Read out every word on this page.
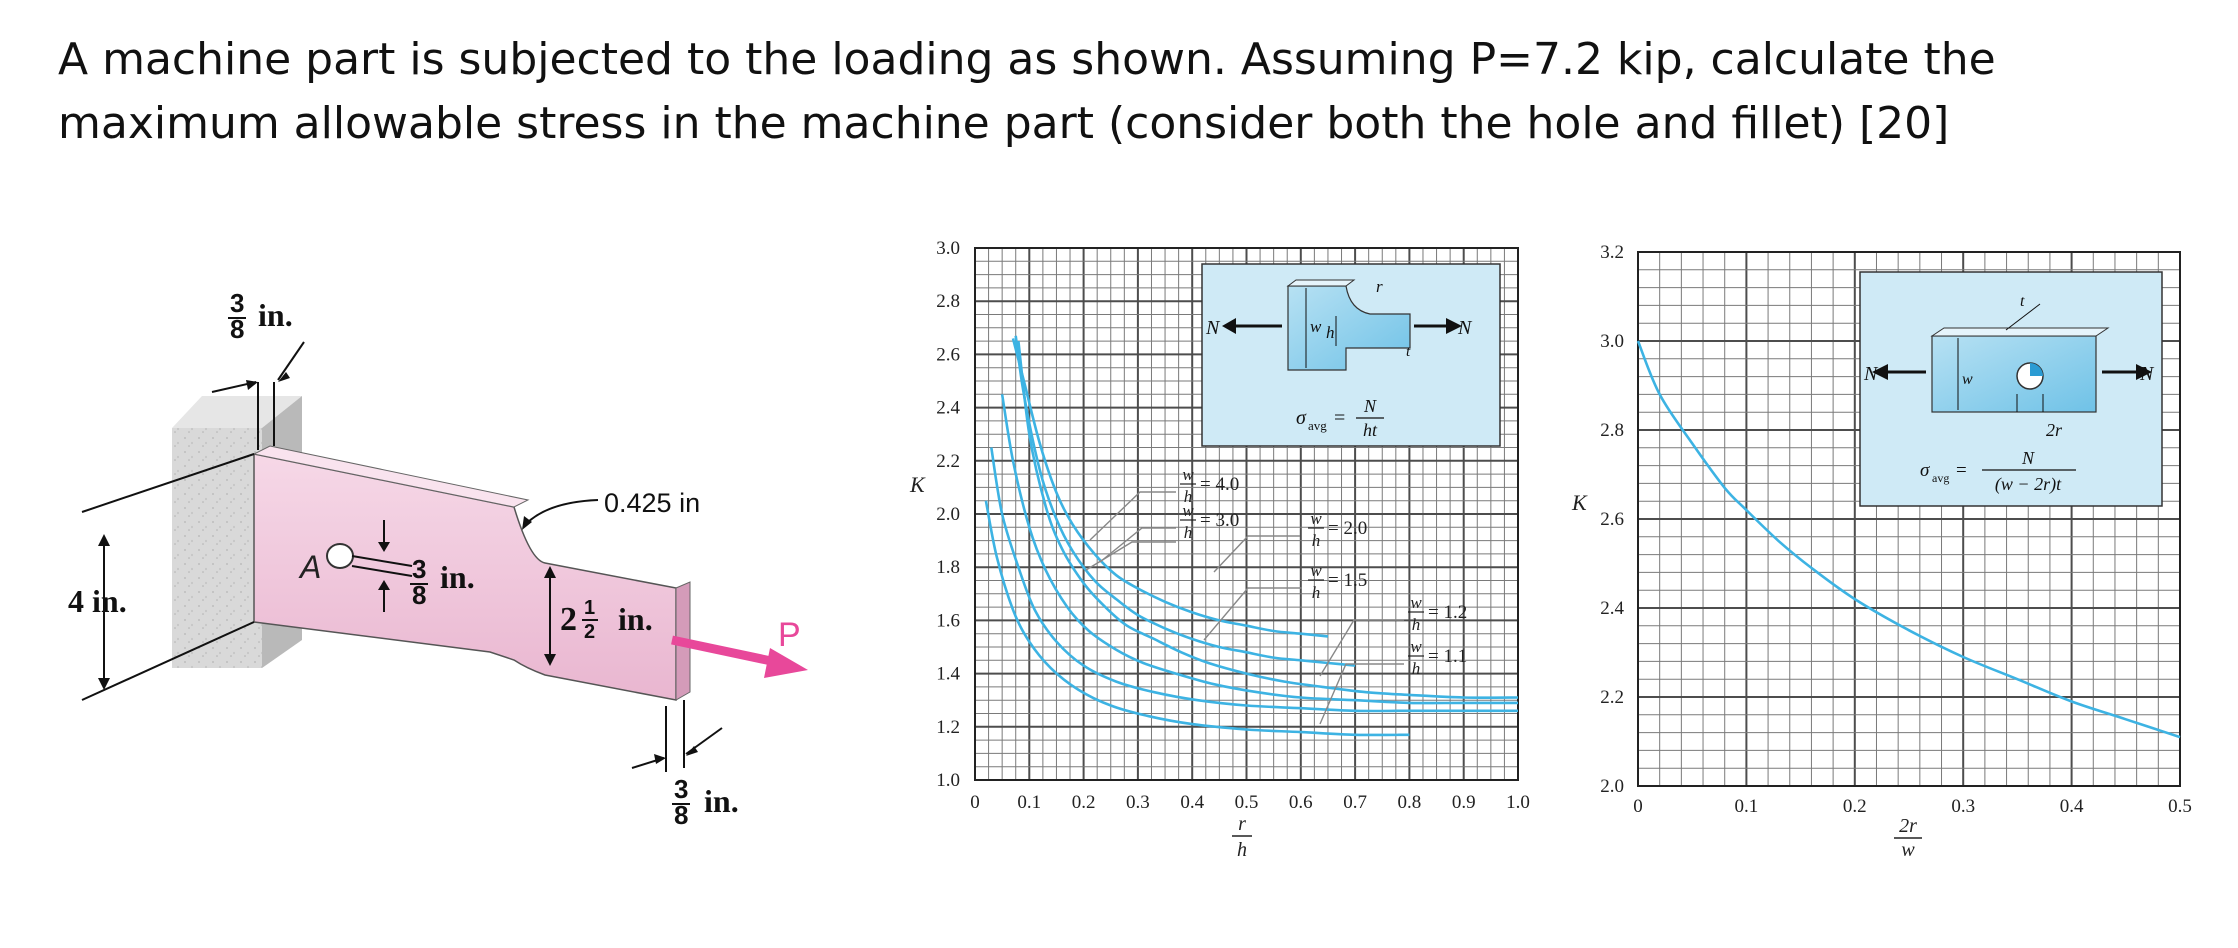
A machine part is subjected to the loading as shown. Assuming P=7.2 kip, calculate the maximum allowable stress in the machine part (consider both the hole and fillet) [20]
A	3
8 in.
3
8 in.
4 in.	2 1
2 in.
0.425 in
3
8 in.
P
1.0
1.2
1.4
1.6
1.8
2.0
2.2
2.4
2.6
2.8
3.0
0 0.1 0.2 0.3 0.4 0.5 0.6 0.7 0.8 0.9 1.0
K
r
h
w
h
= 4.0
w
h
= 3.0	w
h
= 2.0
w
h
= 1.5
w
h
= 1.2
w
h
= 1.1
N	N
w h
r
t
σ avg =
N
ht
2.0
2.2
2.4
2.6
2.8
3.0
3.2
0	0.1	0.2	0.3	0.4	0.5
K
2r
w
N	N
w
t
2r
σ avg =
N
(w − 2r)t
